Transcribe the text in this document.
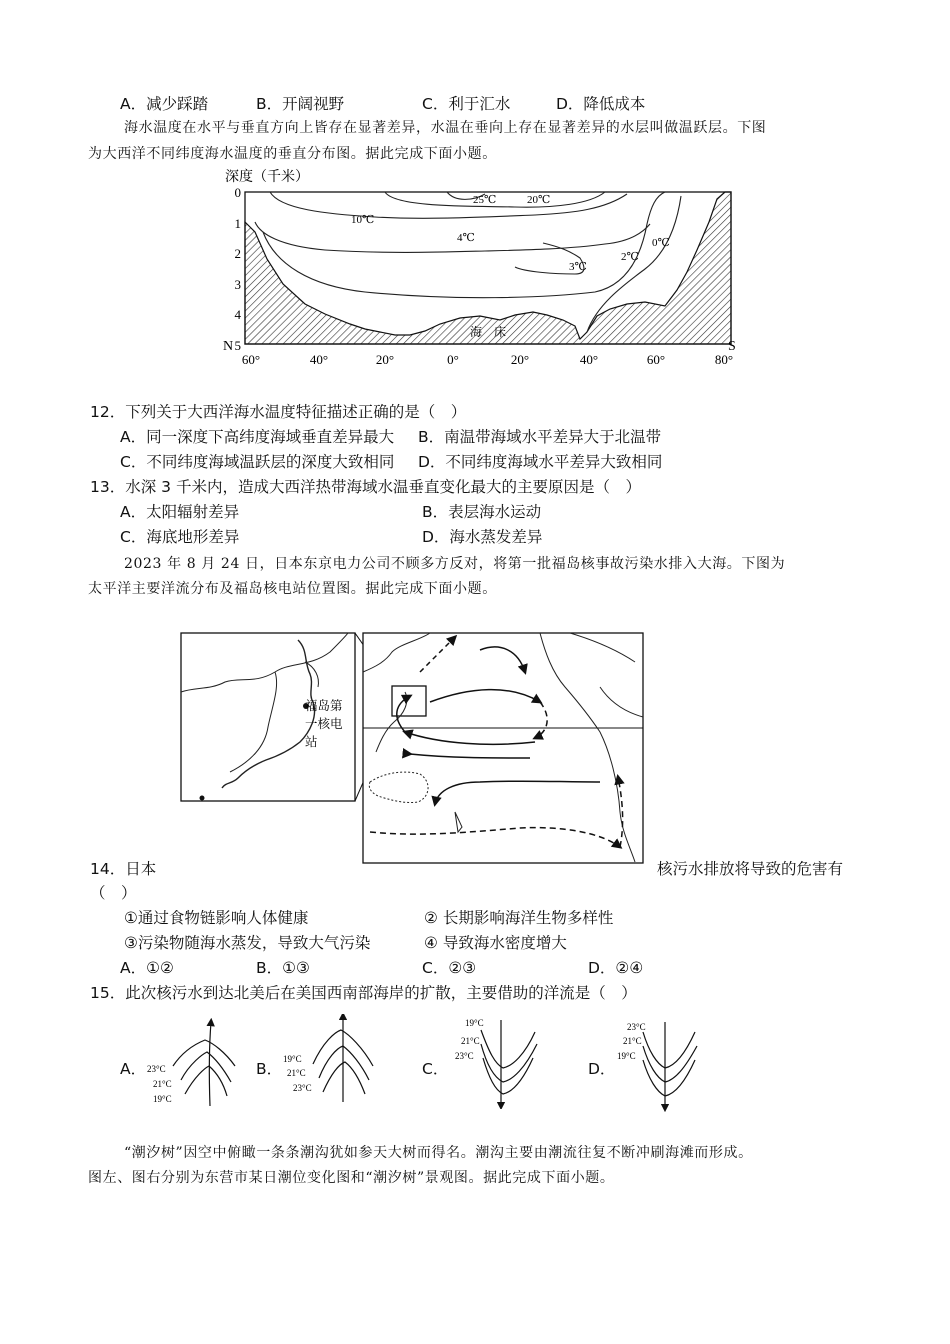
A．减少踩踏	B．开阔视野	C．利于汇水	D．降低成本
海水温度在水平与垂直方向上皆存在显著差异，水温在垂向上存在显著差异的水层叫做温跃层。下图
为大西洋不同纬度海水温度的垂直分布图。据此完成下面小题。
深度（千米）
海　床
25℃	20℃
10℃
4℃
3℃
2℃
0℃
0
1
2
3
4
5
N	S
60°	40°	20°	0°	20°	40°	60°	80°
12．下列关于大西洋海水温度特征描述正确的是（　）
A．同一深度下高纬度海域垂直差异最大 B．南温带海域水平差异大于北温带
C．不同纬度海域温跃层的深度大致相同 D．不同纬度海域水平差异大致相同
13．水深 3 千米内，造成大西洋热带海域水温垂直变化最大的主要原因是（　）
A．太阳辐射差异	B．表层海水运动
C．海底地形差异	D．海水蒸发差异
2023 年 8 月 24 日，日本东京电力公司不顾多方反对，将第一批福岛核事故污染水排入大海。下图为
太平洋主要洋流分布及福岛核电站位置图。据此完成下面小题。
福岛第
一核电
站
14．日本	核污水排放将导致的危害有
（　）
①通过食物链影响人体健康	② 长期影响海洋生物多样性
③污染物随海水蒸发，导致大气污染	④ 导致海水密度增大
A．①②	B．①③	C．②③	D．②④
15．此次核污水到达北美后在美国西南部海岸的扩散，主要借助的洋流是（　）
A．	B．	C．	D．
23°C
21°C
19°C
19°C
21°C
23°C
19°C
21°C
23°C
23°C
21°C
19°C
“潮汐树”因空中俯瞰一条条潮沟犹如参天大树而得名。潮沟主要由潮流往复不断冲刷海滩而形成。
图左、图右分别为东营市某日潮位变化图和“潮汐树”景观图。据此完成下面小题。
